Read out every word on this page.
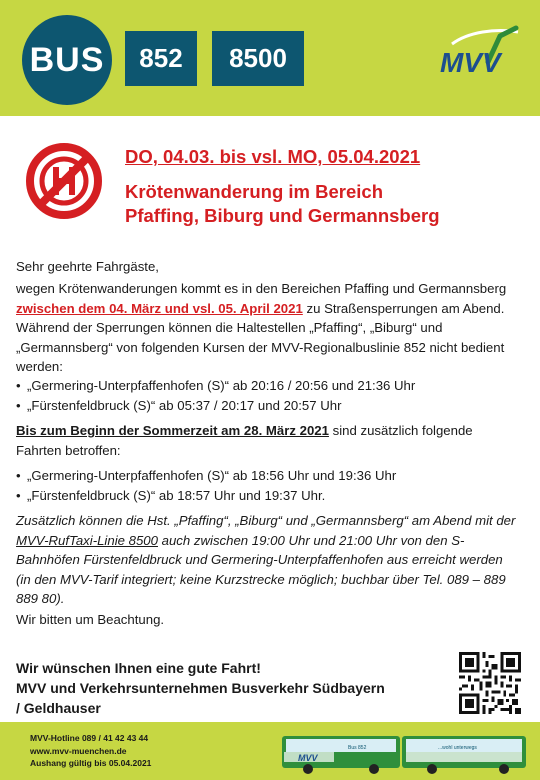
BUS	852	8500	MVV
DO, 04.03. bis vsl. MO, 05.04.2021
Krötenwanderung im Bereich
Pfaffing, Biburg und Germannsberg
Sehr geehrte Fahrgäste,
wegen Krötenwanderungen kommt es in den Bereichen Pfaffing und Germannsberg zwischen dem 04. März und vsl. 05. April 2021 zu Straßensperrungen am Abend. Während der Sperrungen können die Haltestellen „Pfaffing“, „Biburg“ und „Germannsberg“ von folgenden Kursen der MVV-Regionalbuslinie 852 nicht bedient werden:
• „Germering-Unterpfaffenhofen (S)“ ab 20:16 / 20:56 und 21:36 Uhr
• „Fürstenfeldbruck (S)“ ab 05:37 / 20:17 und 20:57 Uhr
Bis zum Beginn der Sommerzeit am 28. März 2021 sind zusätzlich folgende Fahrten betroffen:
• „Germering-Unterpfaffenhofen (S)“ ab 18:56 Uhr und 19:36 Uhr
• „Fürstenfeldbruck (S)“ ab 18:57 Uhr und 19:37 Uhr.
Zusätzlich können die Hst. „Pfaffing“, „Biburg“ und „Germannsberg“ am Abend mit der MVV-RufTaxi-Linie 8500 auch zwischen 19:00 Uhr und 21:00 Uhr von den S-Bahnhöfen Fürstenfeldbruck und Germering-Unterpfaffenhofen aus erreicht werden (in den MVV-Tarif integriert; keine Kurzstrecke möglich; buchbar über Tel. 089 – 889 889 80).
Wir bitten um Beachtung.
Wir wünschen Ihnen eine gute Fahrt!
MVV und Verkehrsunternehmen Busverkehr Südbayern
/ Geldhauser
MVV-Hotline 089 / 41 42 43 44
www.mvv-muenchen.de
Aushang gültig bis 05.04.2021
Bus 852	...wohl unterwegs
MVV
